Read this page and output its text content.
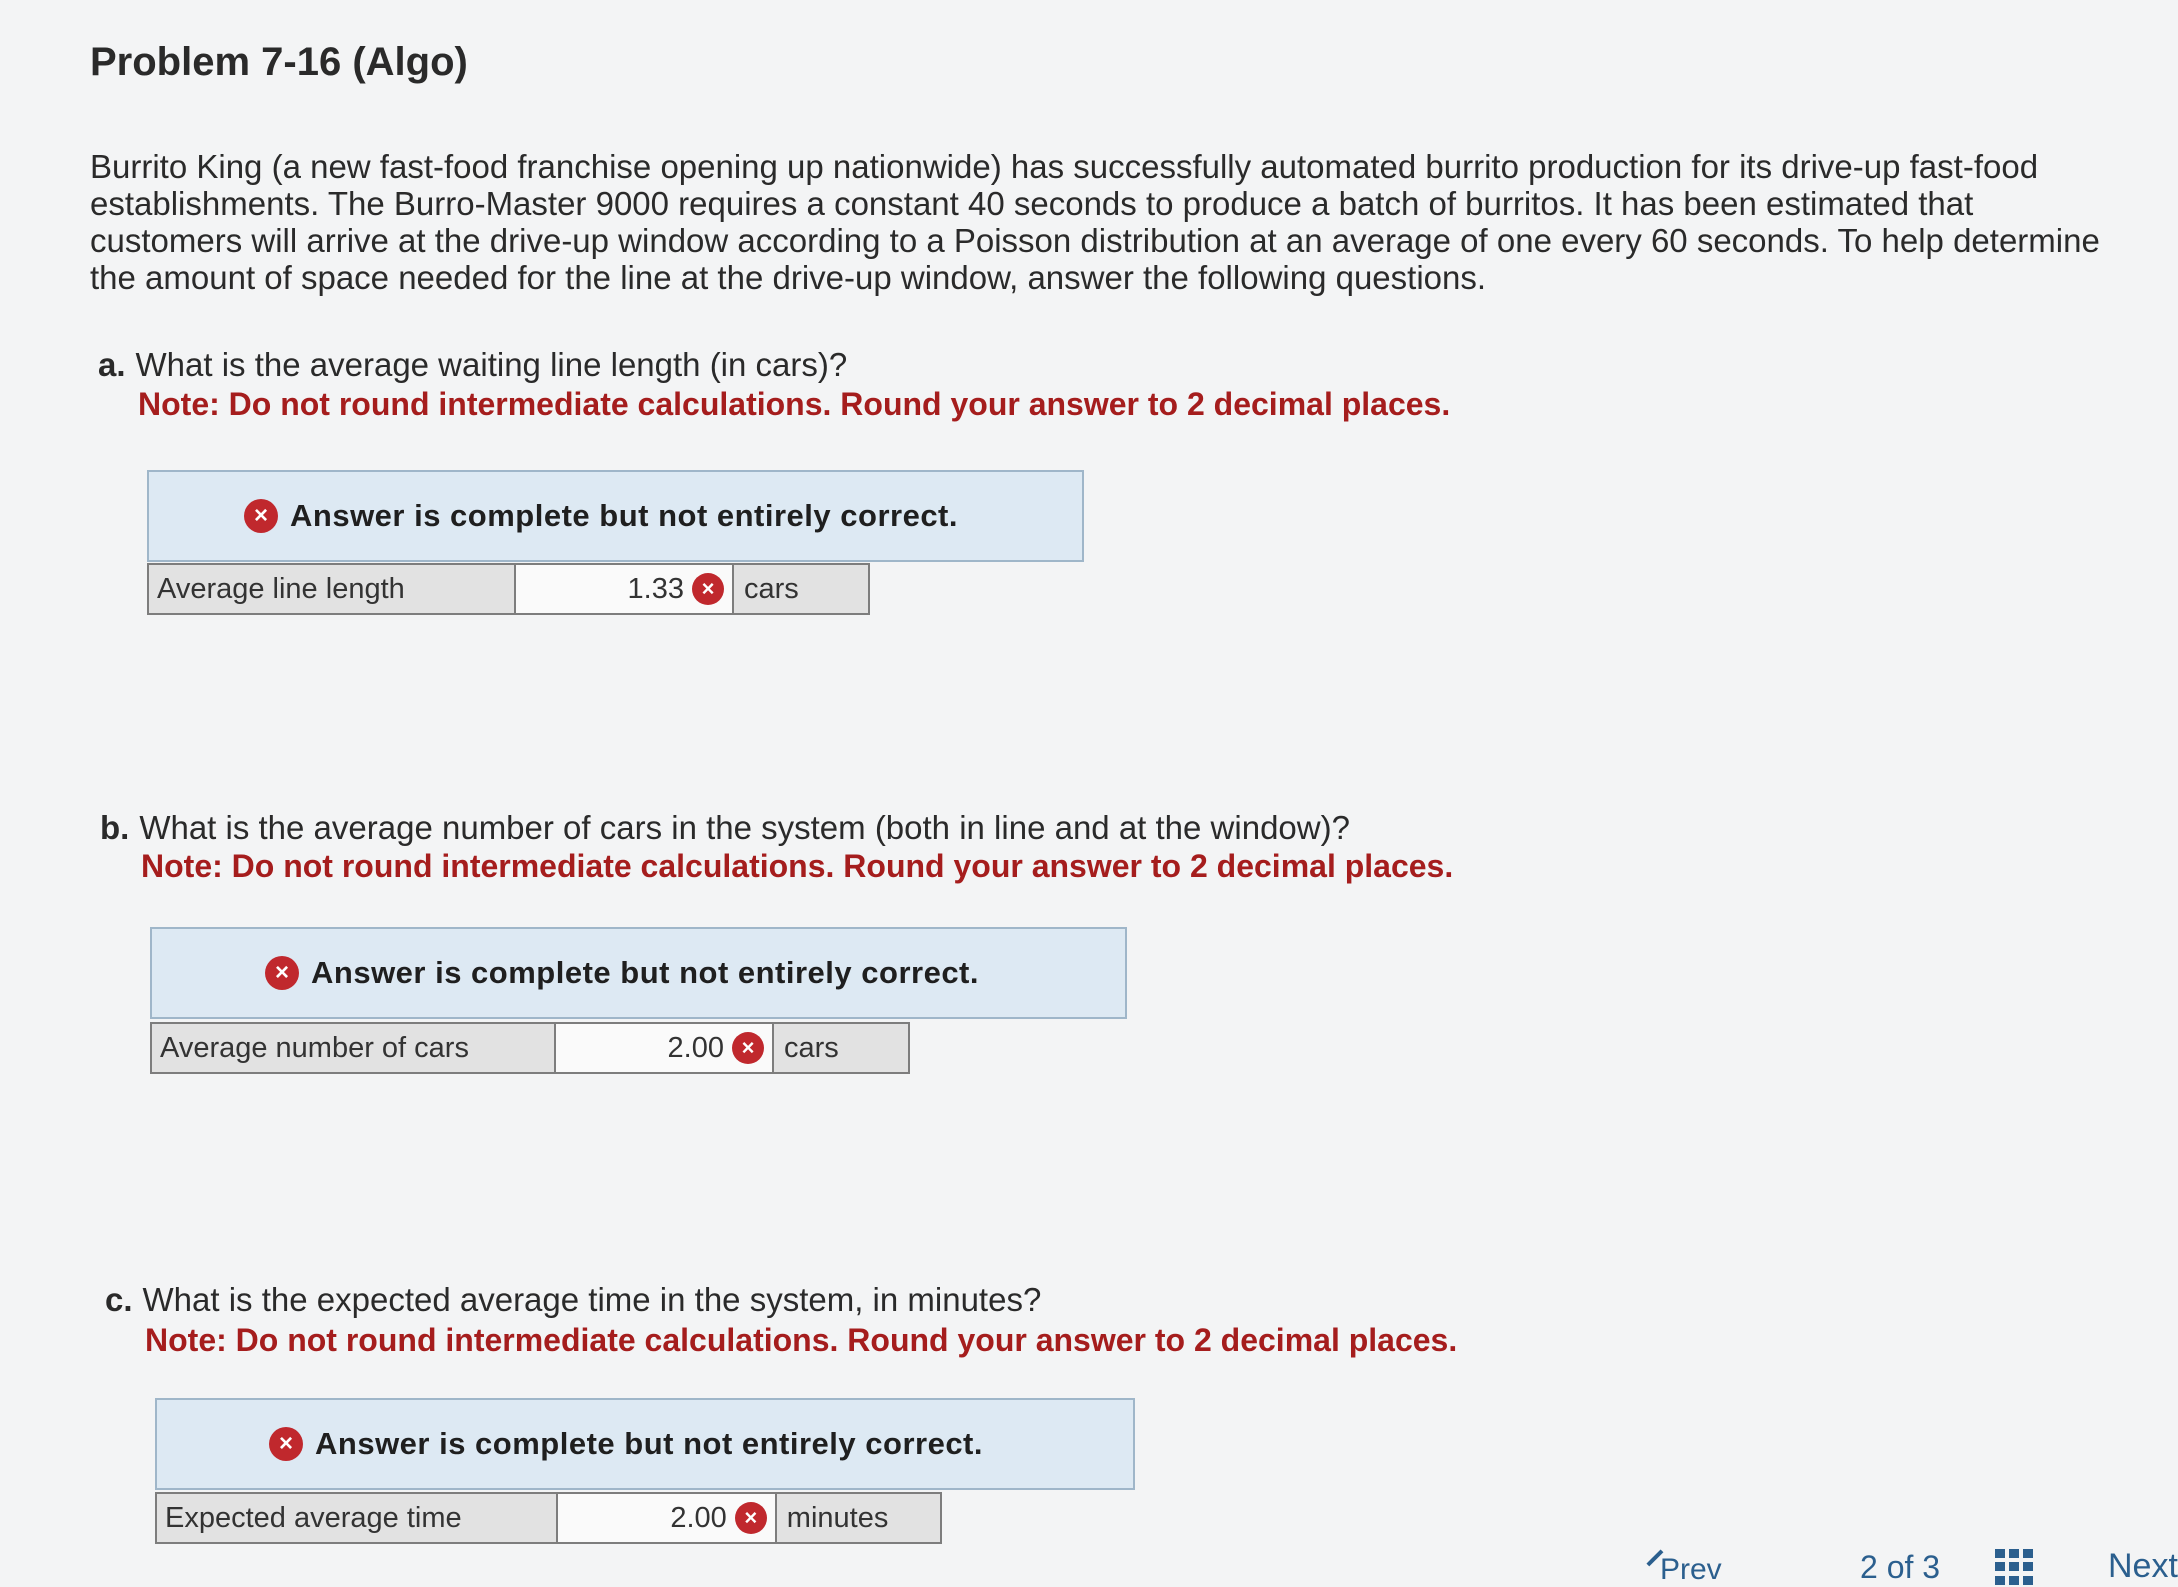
Problem 7-16 (Algo)
Burrito King (a new fast-food franchise opening up nationwide) has successfully automated burrito production for its drive-up fast-food establishments. The Burro-Master 9000 requires a constant 40 seconds to produce a batch of burritos. It has been estimated that customers will arrive at the drive-up window according to a Poisson distribution at an average of one every 60 seconds. To help determine the amount of space needed for the line at the drive-up window, answer the following questions.
a. What is the average waiting line length (in cars)?
Note: Do not round intermediate calculations. Round your answer to 2 decimal places.
× Answer is complete but not entirely correct.
Average line length	1.33 ×	cars
b. What is the average number of cars in the system (both in line and at the window)?
Note: Do not round intermediate calculations. Round your answer to 2 decimal places.
× Answer is complete but not entirely correct.
Average number of cars	2.00 ×	cars
c. What is the expected average time in the system, in minutes?
Note: Do not round intermediate calculations. Round your answer to 2 decimal places.
× Answer is complete but not entirely correct.
Expected average time	2.00 ×	minutes
Prev	2 of 3	Next
